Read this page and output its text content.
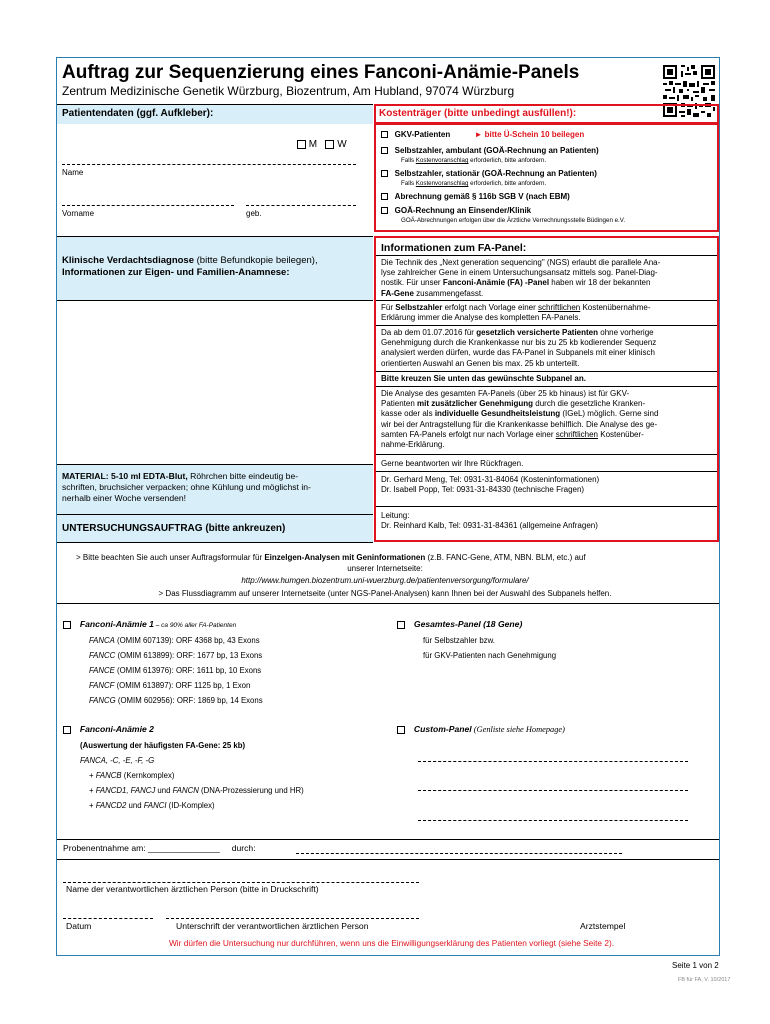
Auftrag zur Sequenzierung eines Fanconi-Anämie-Panels
Zentrum Medizinische Genetik Würzburg, Biozentrum, Am Hubland, 97074 Würzburg
Patientendaten (ggf. Aufkleber):
M W
Name
Vorname	geb.
Klinische Verdachtsdiagnose (bitte Befundkopie beilegen),
Informationen zur Eigen- und Familien-Anamnese:
MATERIAL: 5-10 ml EDTA-Blut, Röhrchen bitte eindeutig be-
schriften, bruchsicher verpacken; ohne Kühlung und möglichst in-
nerhalb einer Woche versenden!
UNTERSUCHUNGSAUFTRAG (bitte ankreuzen)
Kostenträger (bitte unbedingt ausfüllen!):
GKV-Patienten	► bitte Ü-Schein 10 beilegen
Selbstzahler, ambulant (GOÄ-Rechnung an Patienten)
Falls Kostenvoranschlag erforderlich, bitte anfordern.
Selbstzahler, stationär (GOÄ-Rechnung an Patienten)
Falls Kostenvoranschlag erforderlich, bitte anfordern.
Abrechnung gemäß § 116b SGB V (nach EBM)
GOÄ-Rechnung an Einsender/Klinik
GOÄ-Abrechnungen erfolgen über die Ärztliche Verrechnungsstelle Büdingen e.V.
Informationen zum FA-Panel:
Die Technik des „Next generation sequencing" (NGS) erlaubt die parallele Ana-
lyse zahlreicher Gene in einem Untersuchungsansatz mittels sog. Panel-Diag-
nostik. Für unser Fanconi-Anämie (FA) -Panel haben wir 18 der bekannten
FA-Gene zusammengefasst.
Für Selbstzahler erfolgt nach Vorlage einer schriftlichen Kostenübernahme-
Erklärung immer die Analyse des kompletten FA-Panels.
Da ab dem 01.07.2016 für gesetzlich versicherte Patienten ohne vorherige
Genehmigung durch die Krankenkasse nur bis zu 25 kb kodierender Sequenz
analysiert werden dürfen, wurde das FA-Panel in Subpanels mit einer klinisch
orientierten Auswahl an Genen bis max. 25 kb unterteilt.
Bitte kreuzen Sie unten das gewünschte Subpanel an.
Die Analyse des gesamten FA-Panels (über 25 kb hinaus) ist für GKV-
Patienten mit zusätzlicher Genehmigung durch die gesetzliche Kranken-
kasse oder als individuelle Gesundheitsleistung (IGeL) möglich. Gerne sind
wir bei der Antragstellung für die Krankenkasse behilflich. Die Analyse des ge-
samten FA-Panels erfolgt nur nach Vorlage einer schriftlichen Kostenüber-
nahme-Erklärung.
Gerne beantworten wir Ihre Rückfragen.
Dr. Gerhard Meng, Tel: 0931-31-84064 (Kosteninformationen)
Dr. Isabell Popp, Tel: 0931-31-84330 (technische Fragen)
Leitung:
Dr. Reinhard Kalb, Tel: 0931-31-84361 (allgemeine Anfragen)
> Bitte beachten Sie auch unser Auftragsformular für Einzelgen-Analysen mit Geninformationen (z.B. FANC-Gene, ATM, NBN. BLM, etc.) auf
unserer Internetseite:
http://www.humgen.biozentrum.uni-wuerzburg.de/patientenversorgung/formulare/
> Das Flussdiagramm auf unserer Internetseite (unter NGS-Panel-Analysen) kann Ihnen bei der Auswahl des Subpanels helfen.
Fanconi-Anämie 1 – ca 90% aller FA-Patienten
FANCA (OMIM 607139): ORF 4368 bp, 43 Exons
FANCC (OMIM 613899): ORF: 1677 bp, 13 Exons
FANCE (OMIM 613976): ORF: 1611 bp, 10 Exons
FANCF (OMIM 613897): ORF 1125 bp, 1 Exon
FANCG (OMIM 602956): ORF: 1869 bp, 14 Exons
Gesamtes-Panel (18 Gene)
für Selbstzahler bzw.
für GKV-Patienten nach Genehmigung
Fanconi-Anämie 2
(Auswertung der häufigsten FA-Gene: 25 kb)
FANCA, -C, -E, -F, -G
+ FANCB (Kernkomplex)
+ FANCD1, FANCJ und FANCN (DNA-Prozessierung und HR)
+ FANCD2 und FANCI (ID-Komplex)
Custom-Panel (Genliste siehe Homepage)
Probenentnahme am: _______________ durch:
Name der verantwortlichen ärztlichen Person (bitte in Druckschrift)
Datum	Unterschrift der verantwortlichen ärztlichen Person	Arztstempel
Wir dürfen die Untersuchung nur durchführen, wenn uns die Einwilligungserklärung des Patienten vorliegt (siehe Seite 2).
Seite 1 von 2
FB für FA, V. 10/2017
